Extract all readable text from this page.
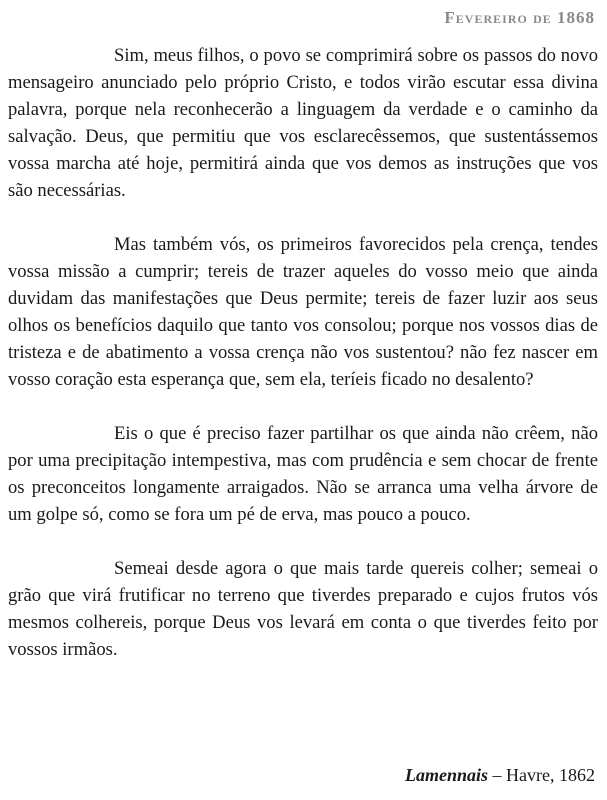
Fevereiro de 1868

Sim, meus filhos, o povo se comprimirá sobre os passos do novo mensageiro anunciado pelo próprio Cristo, e todos virão escutar essa divina palavra, porque nela reconhecerão a linguagem da verdade e o caminho da salvação. Deus, que permitiu que vos esclarecêssemos, que sustentássemos vossa marcha até hoje, permitirá ainda que vos demos as instruções que vos são necessárias.

Mas também vós, os primeiros favorecidos pela crença, tendes vossa missão a cumprir; tereis de trazer aqueles do vosso meio que ainda duvidam das manifestações que Deus permite; tereis de fazer luzir aos seus olhos os benefícios daquilo que tanto vos consolou; porque nos vossos dias de tristeza e de abatimento a vossa crença não vos sustentou? não fez nascer em vosso coração esta esperança que, sem ela, teríeis ficado no desalento?

Eis o que é preciso fazer partilhar os que ainda não crêem, não por uma precipitação intempestiva, mas com prudência e sem chocar de frente os preconceitos longamente arraigados. Não se arranca uma velha árvore de um golpe só, como se fora um pé de erva, mas pouco a pouco.

Semeai desde agora o que mais tarde quereis colher; semeai o grão que virá frutificar no terreno que tiverdes preparado e cujos frutos vós mesmos colhereis, porque Deus vos levará em conta o que tiverdes feito por vossos irmãos.

Lamennais – Havre, 1862
